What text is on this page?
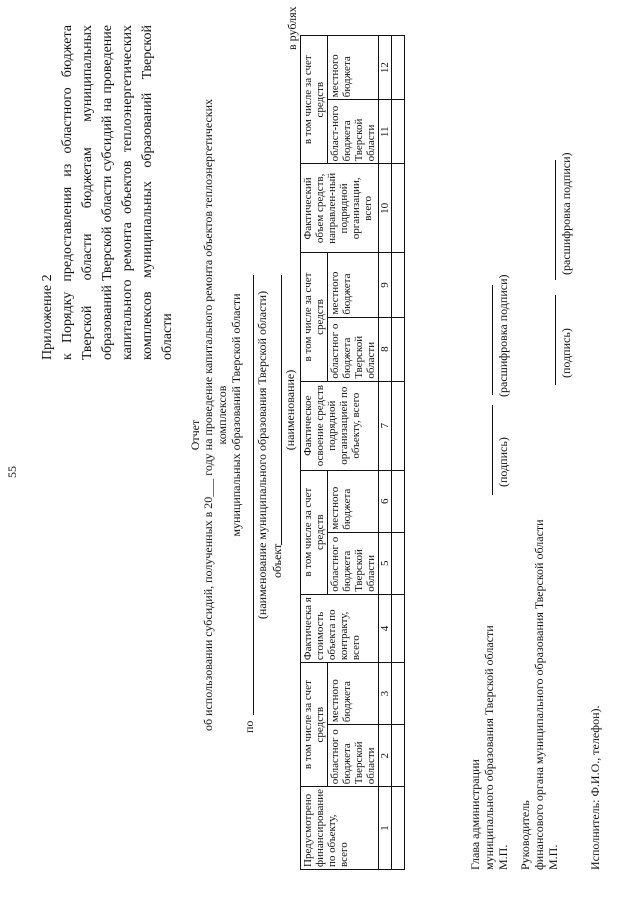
55

Приложение 2 к Порядку предоставления из областного бюджета Тверской области бюджетам муниципальных образований Тверской области субсидий на проведение капитального ремонта объектов теплоэнергетических комплексов муниципальных образований Тверской области

Отчет об использовании субсидий, полученных в 20___ году на проведение капитального ремонта объектов теплоэнергетических комплексов муниципальных образований Тверской области
по
(наименование муниципального образования Тверской области) объект
(наименование)
в рублях
Предусмотрено финансирование по объекту, всего	в том числе за счет средств		Фактическа я стоимость объекта по контракту, всего	в том числе за счет средств		Фактическое освоение средств подрядной организацией по объекту, всего	в том числе за счет средств		Фактический объем средств, направлен-ный подрядной организации, всего	в том числе за счет средств	
	областног о бюджета Тверской области	местного бюджета		областног о бюджета Тверской области	местного бюджета		областног о бюджета Тверской области	местного бюджета		област-ного бюджета Тверской области	местного бюджета
1	2	3	4	5	6	7	8	9	10	11	12

Глава администрации муниципального образования Тверской области М.П.
(подпись)
(расшифровка подписи)
Руководитель финансового органа муниципального образования Тверской области М.П.
(подпись)
(расшифровка подписи)
Исполнитель: Ф.И.О., телефон).
